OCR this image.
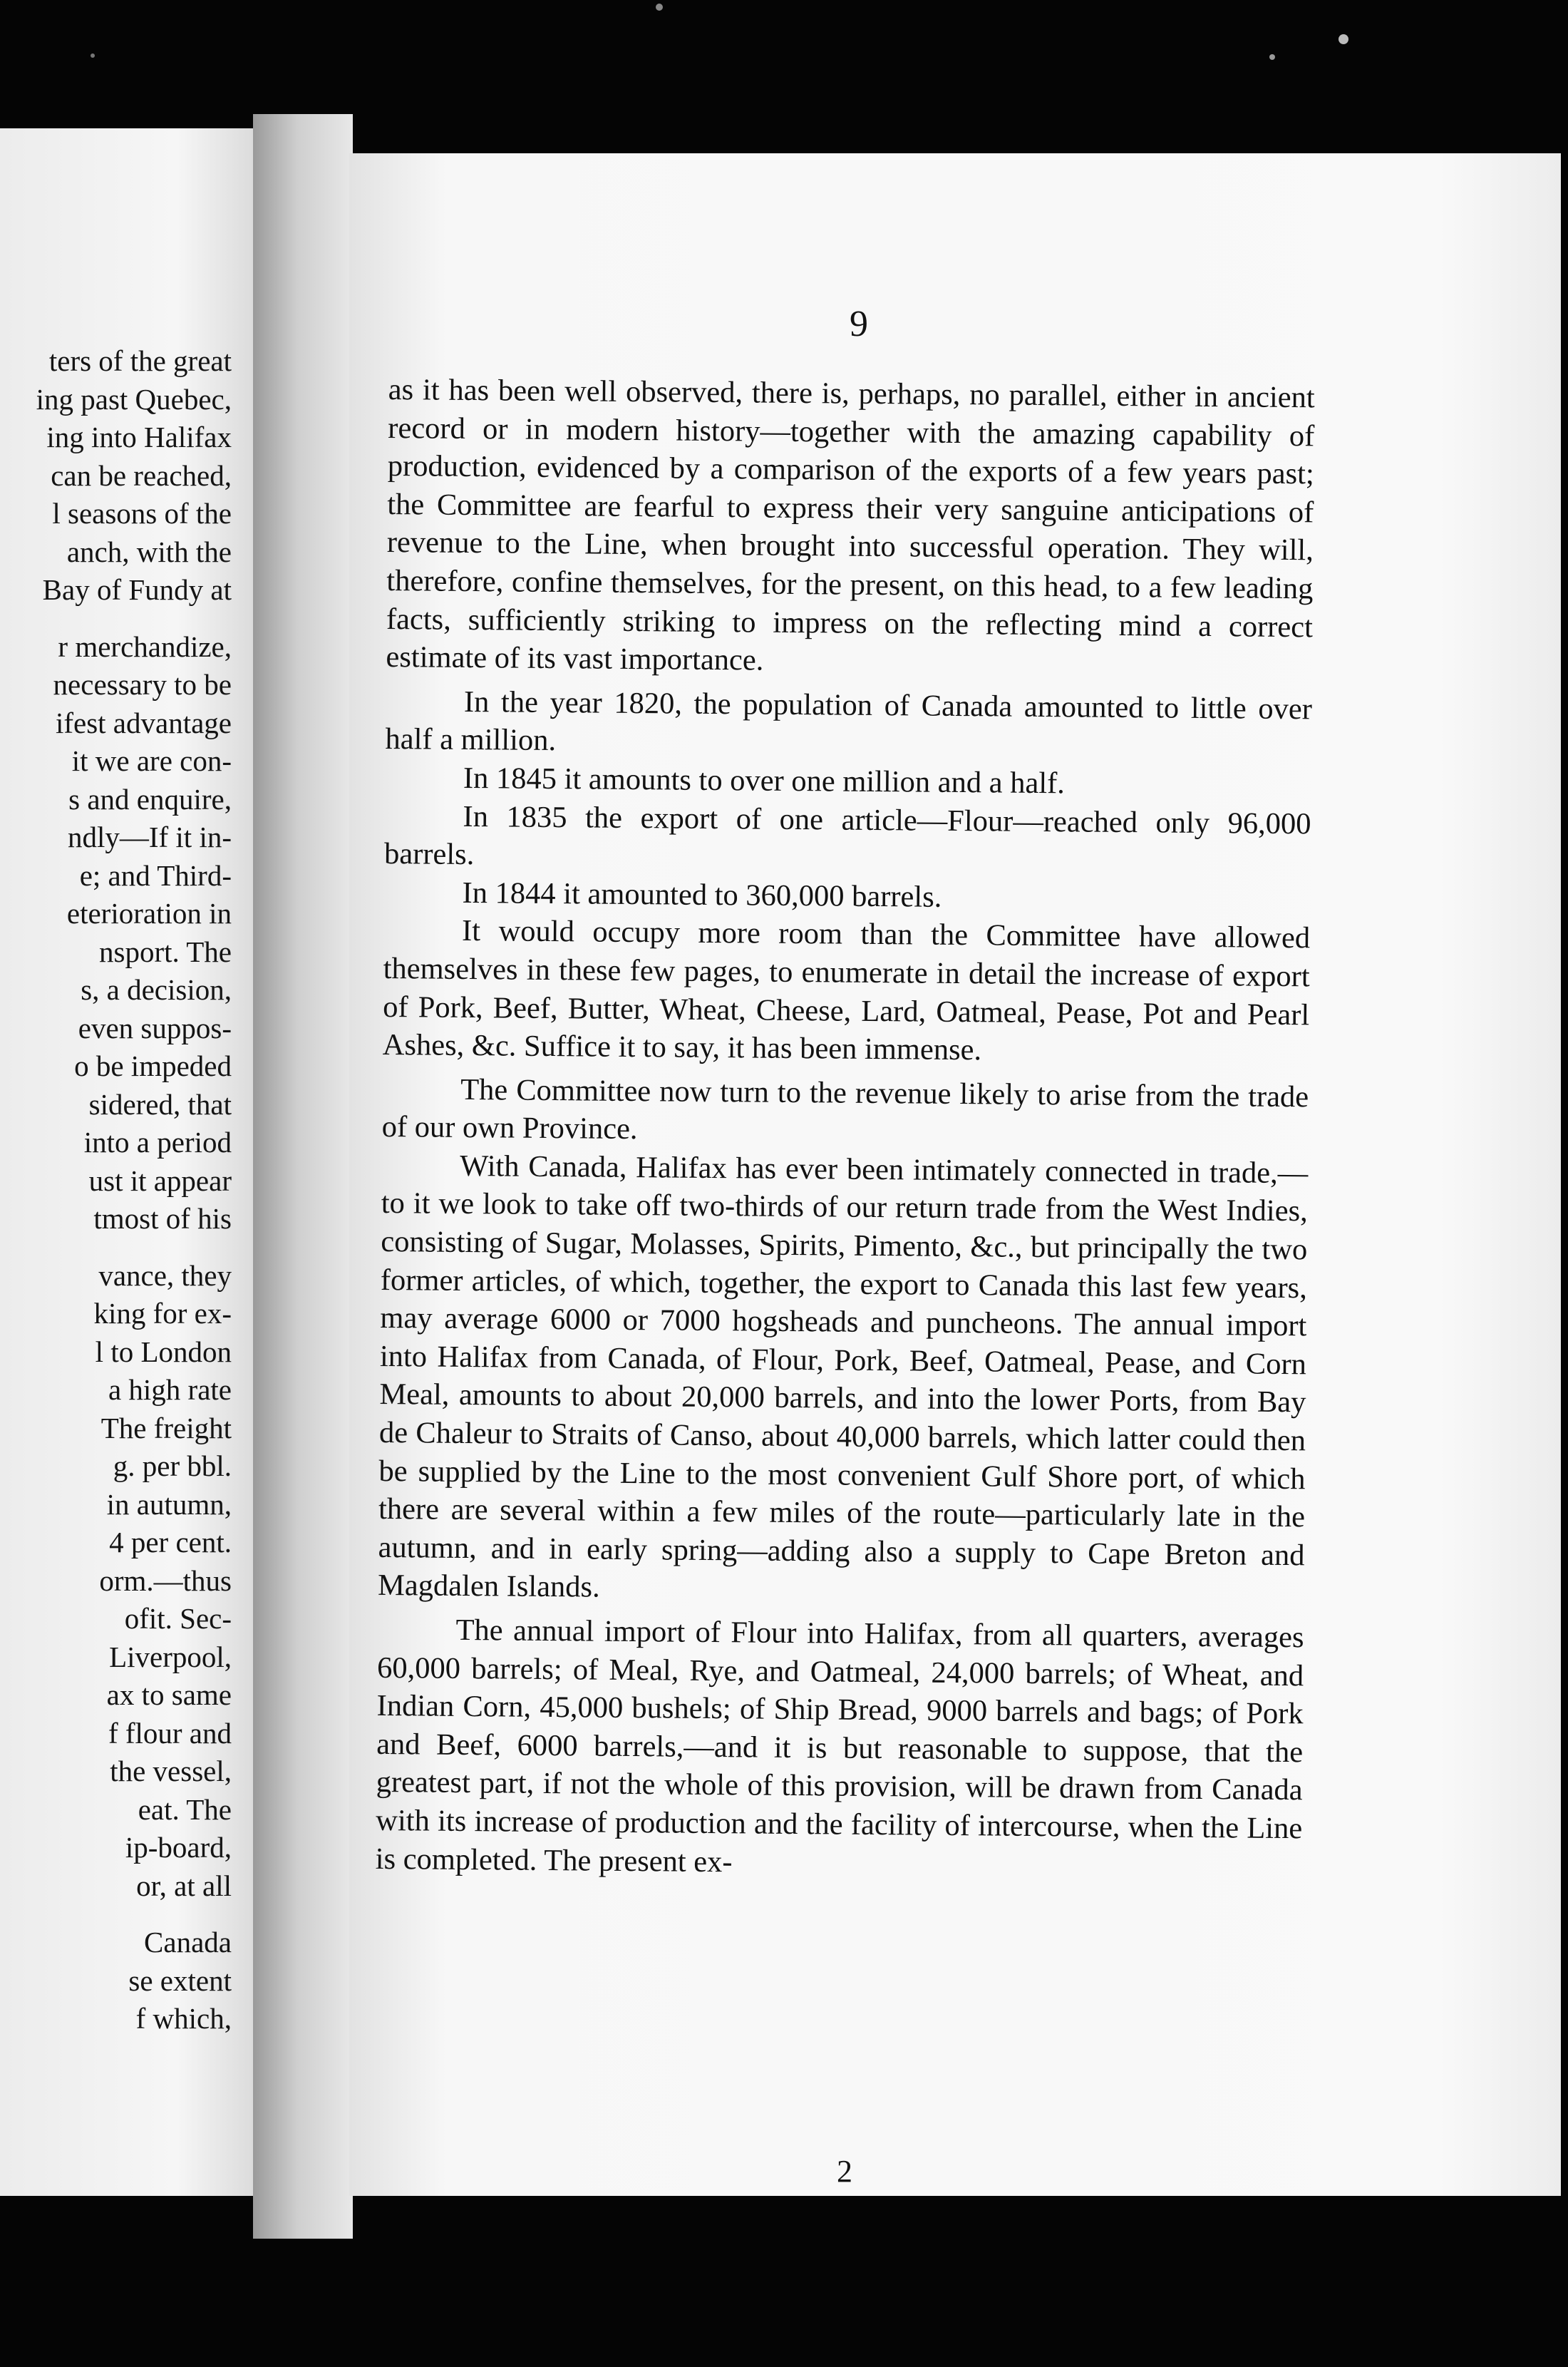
ters of the great
ing past Quebec,
ing into Halifax
can be reached,
l seasons of the
anch, with the
Bay of Fundy at
r merchandize,
necessary to be
ifest advantage
it we are con-
s and enquire,
ndly—If it in-
e; and Third-
eterioration in
nsport. The
s, a decision,
even suppos-
o be impeded
sidered, that
into a period
ust it appear
tmost of his
vance, they
king for ex-
l to London
a high rate
The freight
g. per bbl.
in autumn,
4 per cent.
orm.—thus
ofit. Sec-
Liverpool,
ax to same
f flour and
the vessel,
eat. The
ip-board,
or, at all
Canada
se extent
f which,
9

as it has been well observed, there is, perhaps, no parallel, either in ancient record or in modern history—together with the amazing capability of production, evidenced by a comparison of the exports of a few years past; the Committee are fearful to express their very sanguine anticipations of revenue to the Line, when brought into successful operation. They will, therefore, confine themselves, for the present, on this head, to a few leading facts, sufficiently striking to impress on the reflecting mind a correct estimate of its vast importance.

In the year 1820, the population of Canada amounted to little over half a million.

In 1845 it amounts to over one million and a half.

In 1835 the export of one article—Flour—reached only 96,000 barrels.

In 1844 it amounted to 360,000 barrels.

It would occupy more room than the Committee have allowed themselves in these few pages, to enumerate in detail the increase of export of Pork, Beef, Butter, Wheat, Cheese, Lard, Oatmeal, Pease, Pot and Pearl Ashes, &c. Suffice it to say, it has been immense.

The Committee now turn to the revenue likely to arise from the trade of our own Province.

With Canada, Halifax has ever been intimately connected in trade,—to it we look to take off two-thirds of our return trade from the West Indies, consisting of Sugar, Molasses, Spirits, Pimento, &c., but principally the two former articles, of which, together, the export to Canada this last few years, may average 6000 or 7000 hogsheads and puncheons. The annual import into Halifax from Canada, of Flour, Pork, Beef, Oatmeal, Pease, and Corn Meal, amounts to about 20,000 barrels, and into the lower Ports, from Bay de Chaleur to Straits of Canso, about 40,000 barrels, which latter could then be supplied by the Line to the most convenient Gulf Shore port, of which there are several within a few miles of the route—particularly late in the autumn, and in early spring—adding also a supply to Cape Breton and Magdalen Islands.

The annual import of Flour into Halifax, from all quarters, averages 60,000 barrels; of Meal, Rye, and Oatmeal, 24,000 barrels; of Wheat, and Indian Corn, 45,000 bushels; of Ship Bread, 9000 barrels and bags; of Pork and Beef, 6000 barrels,—and it is but reasonable to suppose, that the greatest part, if not the whole of this provision, will be drawn from Canada with its increase of production and the facility of intercourse, when the Line is completed. The present ex-

2
